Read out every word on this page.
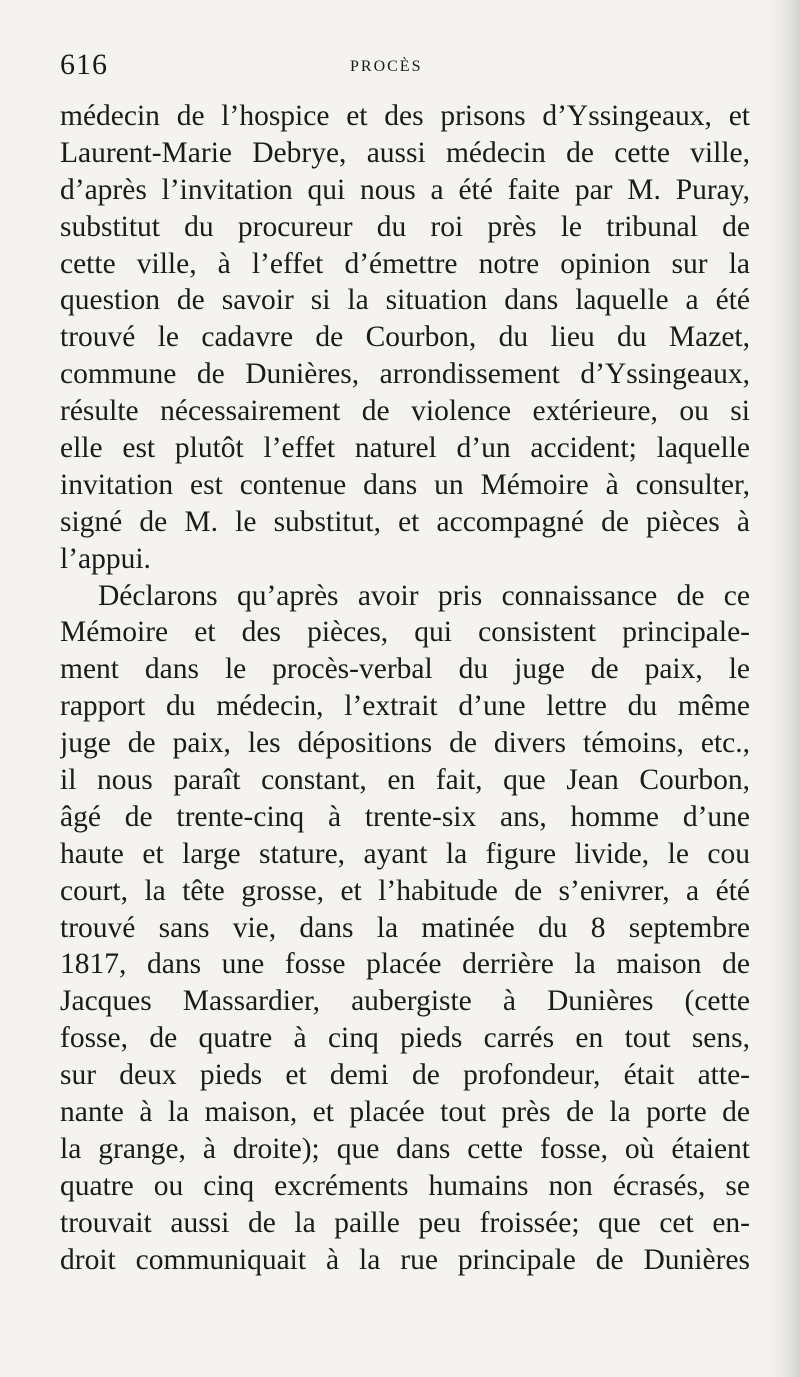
616	PROCÈS
médecin de l’hospice et des prisons d’Yssingeaux, et
Laurent-Marie Debrye, aussi médecin de cette ville,
d’après l’invitation qui nous a été faite par M. Puray,
substitut du procureur du roi près le tribunal de
cette ville, à l’effet d’émettre notre opinion sur la
question de savoir si la situation dans laquelle a été
trouvé le cadavre de Courbon, du lieu du Mazet,
commune de Dunières, arrondissement d’Yssingeaux,
résulte nécessairement de violence extérieure, ou si
elle est plutôt l’effet naturel d’un accident; laquelle
invitation est contenue dans un Mémoire à consulter,
signé de M. le substitut, et accompagné de pièces à
l’appui.
Déclarons qu’après avoir pris connaissance de ce
Mémoire et des pièces, qui consistent principale-
ment dans le procès-verbal du juge de paix, le
rapport du médecin, l’extrait d’une lettre du même
juge de paix, les dépositions de divers témoins, etc.,
il nous paraît constant, en fait, que Jean Courbon,
âgé de trente-cinq à trente-six ans, homme d’une
haute et large stature, ayant la figure livide, le cou
court, la tête grosse, et l’habitude de s’enivrer, a été
trouvé sans vie, dans la matinée du 8 septembre
1817, dans une fosse placée derrière la maison de
Jacques Massardier, aubergiste à Dunières (cette
fosse, de quatre à cinq pieds carrés en tout sens,
sur deux pieds et demi de profondeur, était atte-
nante à la maison, et placée tout près de la porte de
la grange, à droite); que dans cette fosse, où étaient
quatre ou cinq excréments humains non écrasés, se
trouvait aussi de la paille peu froissée; que cet en-
droit communiquait à la rue principale de Dunières
